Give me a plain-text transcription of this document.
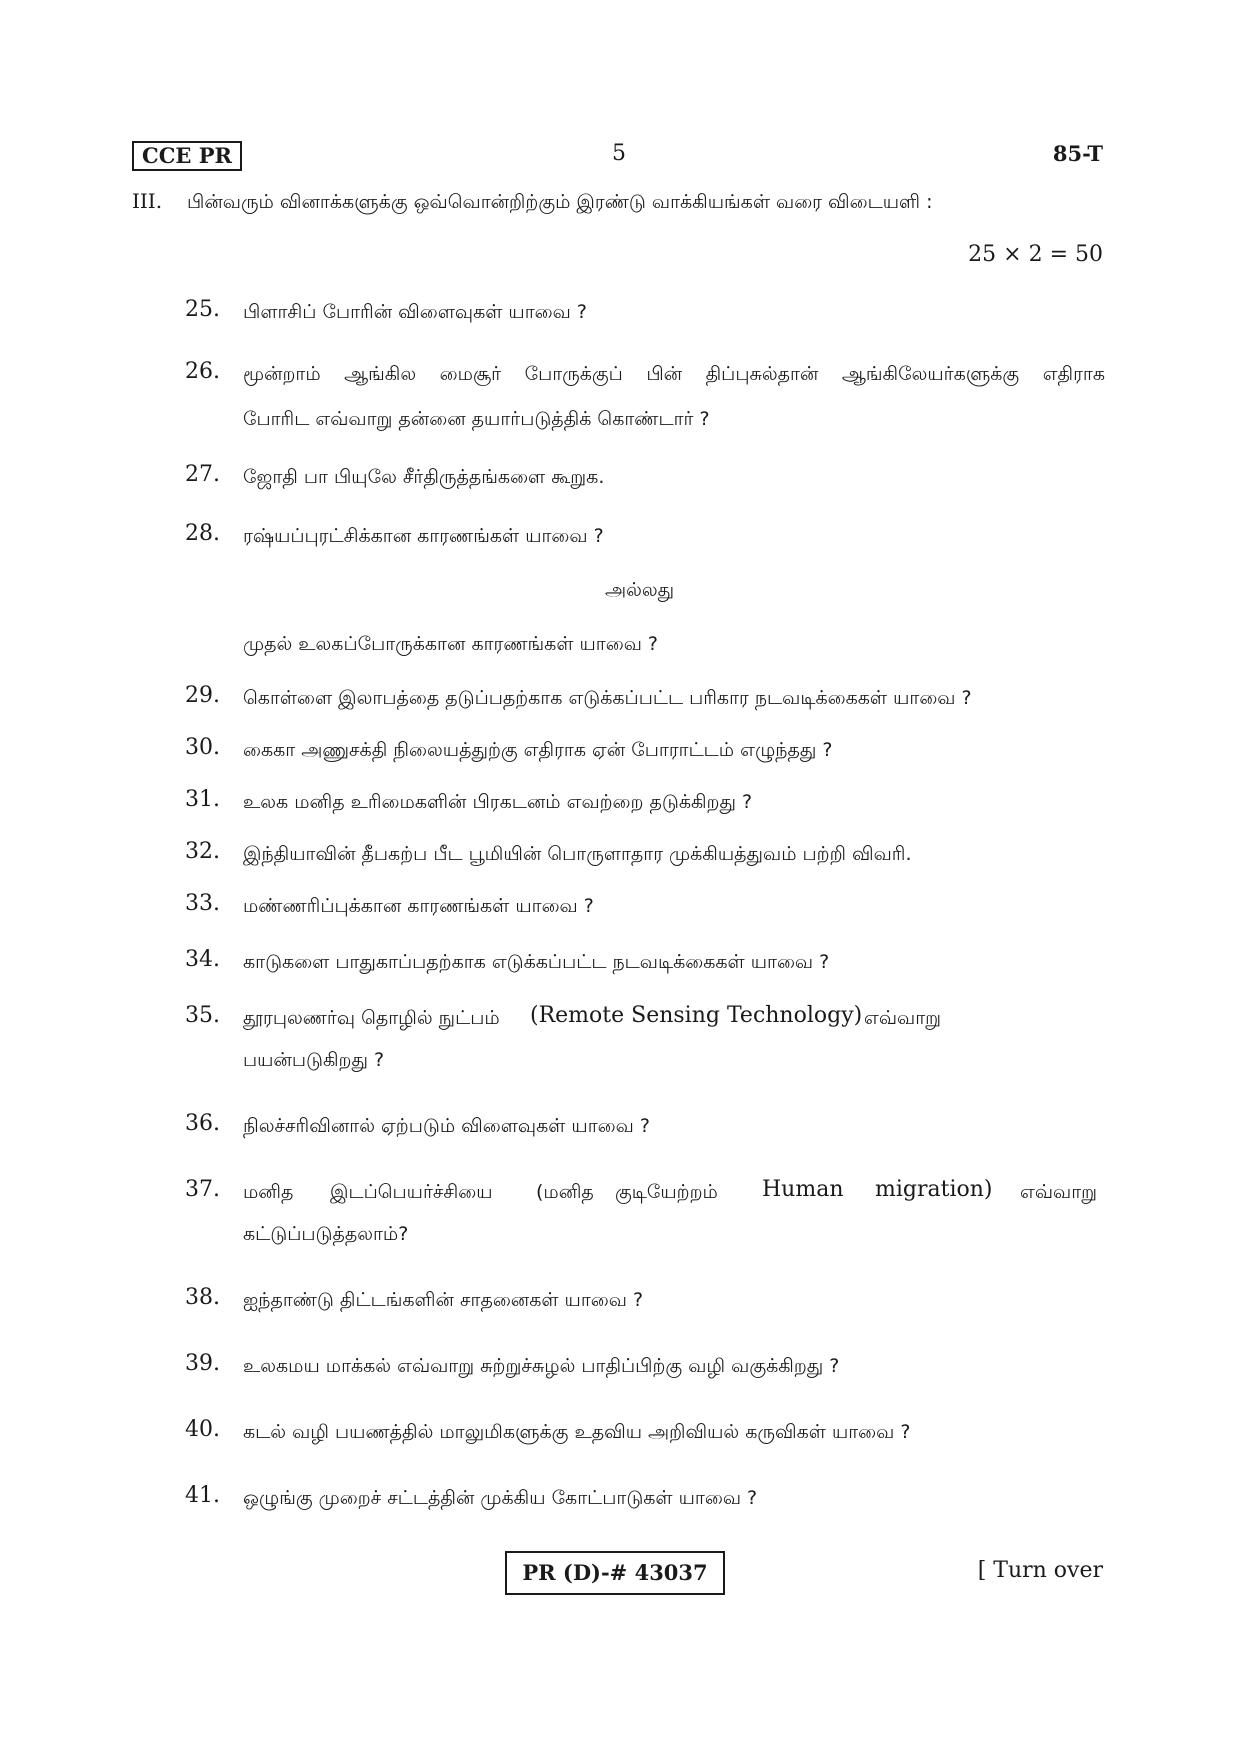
CCE PR	5	85-T
III. பின்வரும் வினாக்களுக்கு ஒவ்வொன்றிற்கும் இரண்டு வாக்கியங்கள் வரை விடையளி :
25 × 2 = 50
25. பிளாசிப் போரின் விளைவுகள் யாவை ?
26. மூன்றாம் ஆங்கில மைசூர் போருக்குப் பின் திப்புசுல்தான் ஆங்கிலேயர்களுக்கு எதிராக
போரிட எவ்வாறு தன்னை தயார்படுத்திக் கொண்டார் ?
27. ஜோதி பா பியுலே சீர்திருத்தங்களை கூறுக.
28. ரஷ்யப்புரட்சிக்கான காரணங்கள் யாவை ?
அல்லது
முதல் உலகப்போருக்கான காரணங்கள் யாவை ?
29. கொள்ளை இலாபத்தை தடுப்பதற்காக எடுக்கப்பட்ட பரிகார நடவடிக்கைகள் யாவை ?
30. கைகா அணுசக்தி நிலையத்துற்கு எதிராக ஏன் போராட்டம் எழுந்தது ?
31. உலக மனித உரிமைகளின் பிரகடனம் எவற்றை தடுக்கிறது ?
32. இந்தியாவின் தீபகற்ப பீட பூமியின் பொருளாதார முக்கியத்துவம் பற்றி விவரி.
33. மண்ணரிப்புக்கான காரணங்கள் யாவை ?
34. காடுகளை பாதுகாப்பதற்காக எடுக்கப்பட்ட நடவடிக்கைகள் யாவை ?
35. தூரபுலணர்வு தொழில் நுட்பம் (Remote Sensing Technology) எவ்வாறு
பயன்படுகிறது ?
36. நிலச்சரிவினால் ஏற்படும் விளைவுகள் யாவை ?
37. மனித இடப்பெயர்ச்சியை (மனித குடியேற்றம் Human migration) எவ்வாறு
கட்டுப்படுத்தலாம்?
38. ஐந்தாண்டு திட்டங்களின் சாதனைகள் யாவை ?
39. உலகமய மாக்கல் எவ்வாறு சுற்றுச்சுழல் பாதிப்பிற்கு வழி வகுக்கிறது ?
40. கடல் வழி பயணத்தில் மாலுமிகளுக்கு உதவிய அறிவியல் கருவிகள் யாவை ?
41. ஒழுங்கு முறைச் சட்டத்தின் முக்கிய கோட்பாடுகள் யாவை ?
PR (D)-# 43037	[ Turn over
